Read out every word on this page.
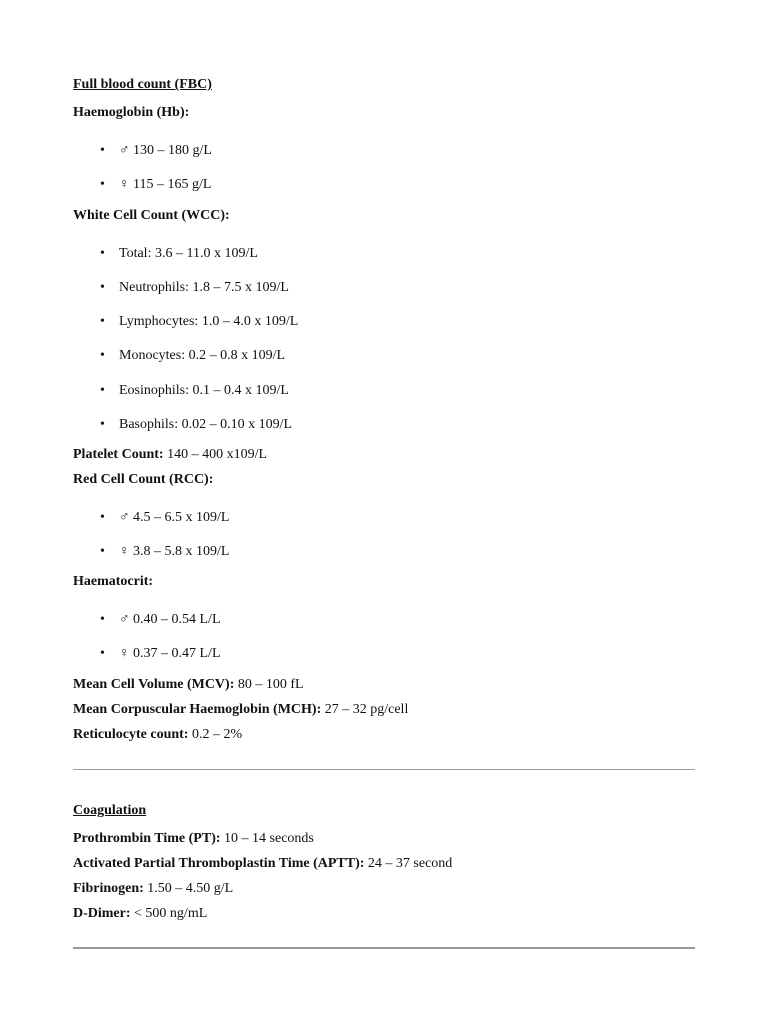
Full blood count (FBC)
Haemoglobin (Hb):
• ♂ 130 – 180 g/L
• ♀ 115 – 165 g/L
White Cell Count (WCC):
• Total: 3.6 – 11.0 x 109/L
• Neutrophils: 1.8 – 7.5 x 109/L
• Lymphocytes: 1.0 – 4.0 x 109/L
• Monocytes: 0.2 – 0.8 x 109/L
• Eosinophils: 0.1 – 0.4 x 109/L
• Basophils: 0.02 – 0.10 x 109/L
Platelet Count: 140 – 400 x109/L
Red Cell Count (RCC):
• ♂ 4.5 – 6.5 x 109/L
• ♀ 3.8 – 5.8 x 109/L
Haematocrit:
• ♂ 0.40 – 0.54 L/L
• ♀ 0.37 – 0.47 L/L
Mean Cell Volume (MCV): 80 – 100 fL
Mean Corpuscular Haemoglobin (MCH): 27 – 32 pg/cell
Reticulocyte count: 0.2 – 2%
Coagulation
Prothrombin Time (PT): 10 – 14 seconds
Activated Partial Thromboplastin Time (APTT): 24 – 37 second
Fibrinogen: 1.50 – 4.50 g/L
D-Dimer: < 500 ng/mL
